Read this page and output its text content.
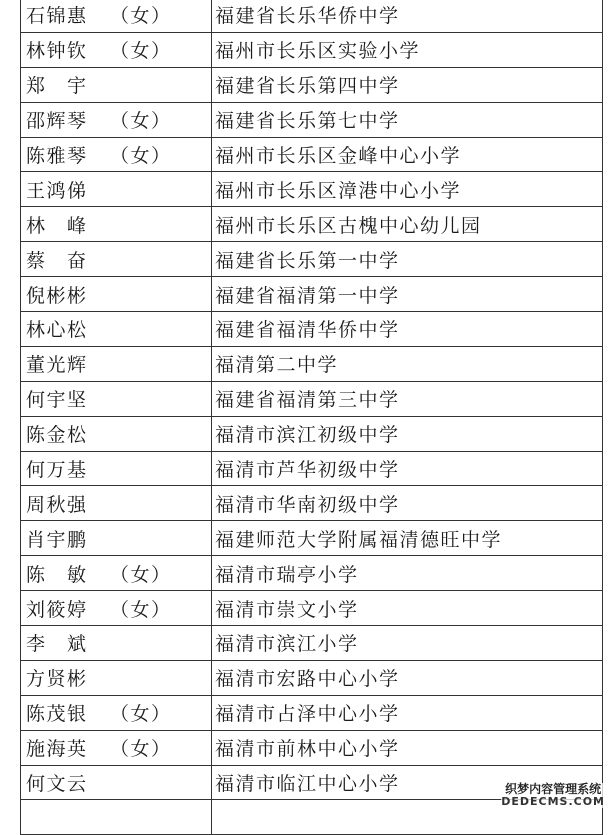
石锦惠 （女）	福建省长乐华侨中学
林钟钦 （女）	福州市长乐区实验小学
郑　宇	福建省长乐第四中学
邵辉琴 （女）	福建省长乐第七中学
陈雅琴 （女）	福州市长乐区金峰中心小学
王鸿俤	福州市长乐区漳港中心小学
林　峰	福州市长乐区古槐中心幼儿园
蔡　奋	福建省长乐第一中学
倪彬彬	福建省福清第一中学
林心松	福建省福清华侨中学
董光辉	福清第二中学
何宇坚	福建省福清第三中学
陈金松	福清市滨江初级中学
何万基	福清市芦华初级中学
周秋强	福清市华南初级中学
肖宇鹏	福建师范大学附属福清德旺中学
陈　敏 （女）	福清市瑞亭小学
刘筱婷 （女）	福清市崇文小学
李　斌	福清市滨江小学
方贤彬	福清市宏路中心小学
陈茂银 （女）	福清市占泽中心小学
施海英 （女）	福清市前林中心小学
何文云	福清市临江中心小学
		织梦内容管理系统
DEDECMS.COM
